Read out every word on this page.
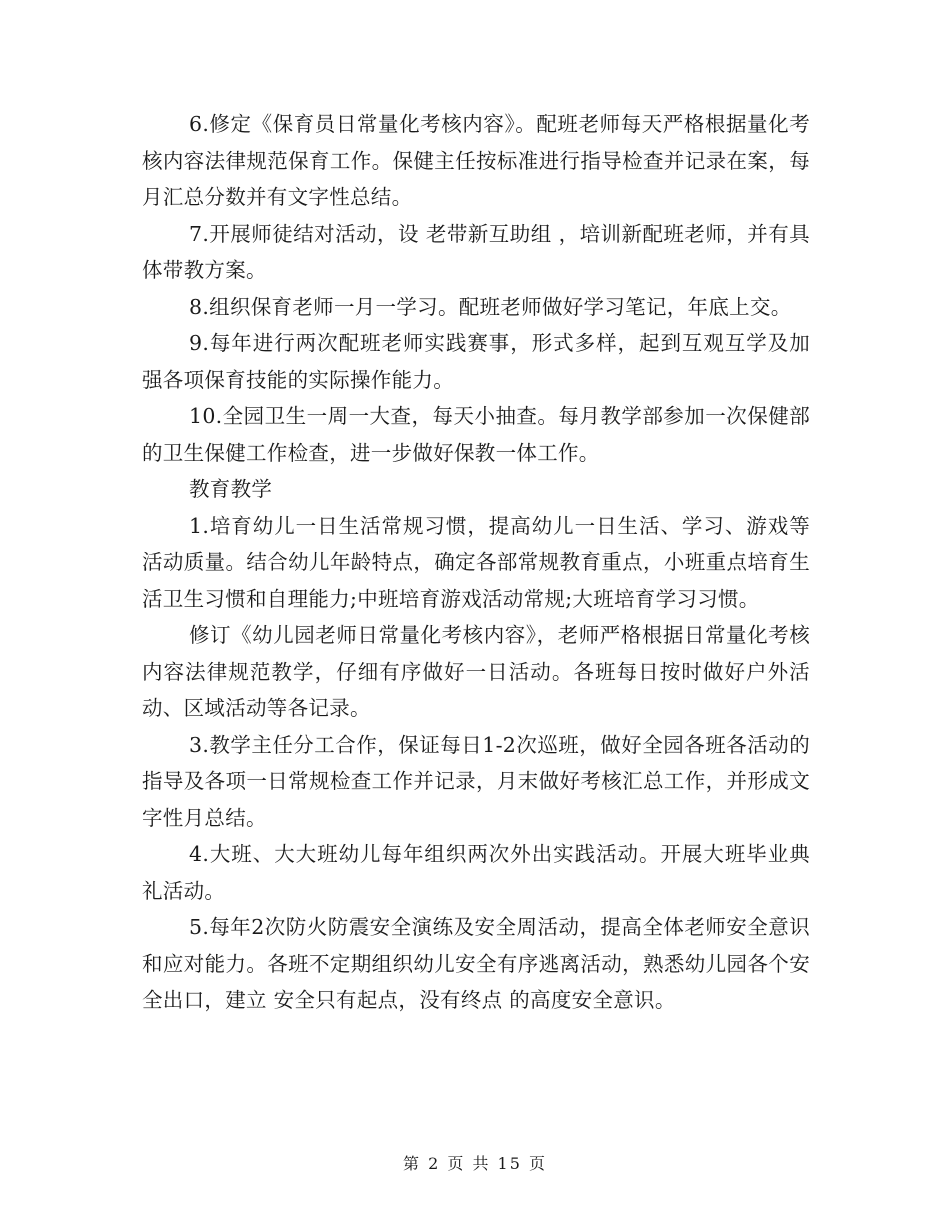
6.修定《保育员日常量化考核内容》。配班老师每天严格根据量化考核内容法律规范保育工作。保健主任按标准进行指导检查并记录在案，每月汇总分数并有文字性总结。

7.开展师徒结对活动，设 老带新互助组 ，培训新配班老师，并有具体带教方案。

8.组织保育老师一月一学习。配班老师做好学习笔记，年底上交。

9.每年进行两次配班老师实践赛事，形式多样，起到互观互学及加强各项保育技能的实际操作能力。

10.全园卫生一周一大查，每天小抽查。每月教学部参加一次保健部的卫生保健工作检查，进一步做好保教一体工作。

教育教学

1.培育幼儿一日生活常规习惯，提高幼儿一日生活、学习、游戏等活动质量。结合幼儿年龄特点，确定各部常规教育重点，小班重点培育生活卫生习惯和自理能力;中班培育游戏活动常规;大班培育学习习惯。

修订《幼儿园老师日常量化考核内容》，老师严格根据日常量化考核内容法律规范教学，仔细有序做好一日活动。各班每日按时做好户外活动、区域活动等各记录。

3.教学主任分工合作，保证每日1-2次巡班，做好全园各班各活动的指导及各项一日常规检查工作并记录，月末做好考核汇总工作，并形成文字性月总结。

4.大班、大大班幼儿每年组织两次外出实践活动。开展大班毕业典礼活动。

5.每年2次防火防震安全演练及安全周活动，提高全体老师安全意识和应对能力。各班不定期组织幼儿安全有序逃离活动，熟悉幼儿园各个安全出口，建立 安全只有起点，没有终点 的高度安全意识。

第 2 页 共 15 页
